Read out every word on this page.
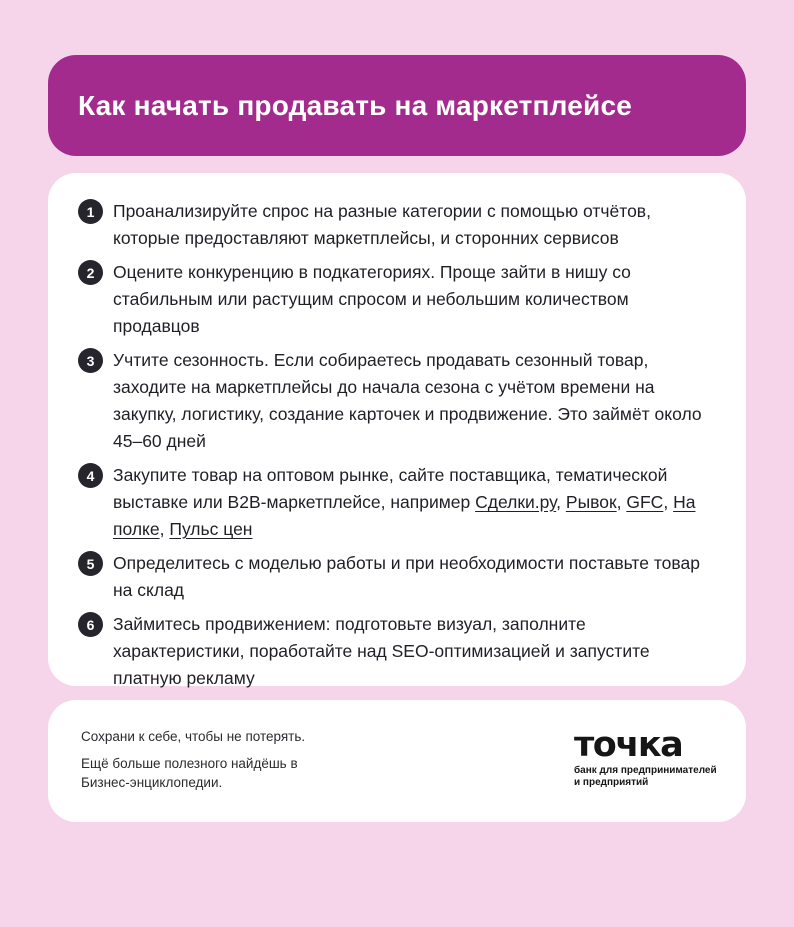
Как начать продавать на маркетплейсе
1	Проанализируйте спрос на разные категории с помощью отчётов, которые предоставляют маркетплейсы, и сторонних сервисов

2	Оцените конкуренцию в подкатегориях. Проще зайти в нишу со стабильным или растущим спросом и небольшим количеством продавцов

3	Учтите сезонность. Если собираетесь продавать сезонный товар, заходите на маркетплейсы до начала сезона с учётом времени на закупку, логистику, создание карточек и продвижение. Это займёт около 45–60 дней

4	Закупите товар на оптовом рынке, сайте поставщика, тематической выставке или B2B-маркетплейсе, например Сделки.ру, Рывок, GFC, На полке, Пульс цен

5	Определитесь с моделью работы и при необходимости поставьте товар на склад

6	Займитесь продвижением: подготовьте визуал, заполните характеристики, поработайте над SEO-оптимизацией и запустите платную рекламу

Сохрани к себе, чтобы не потерять.

Ещё больше полезного найдёшь в Бизнес-энциклопедии.

точка
банк для предпринимателей и предприятий
